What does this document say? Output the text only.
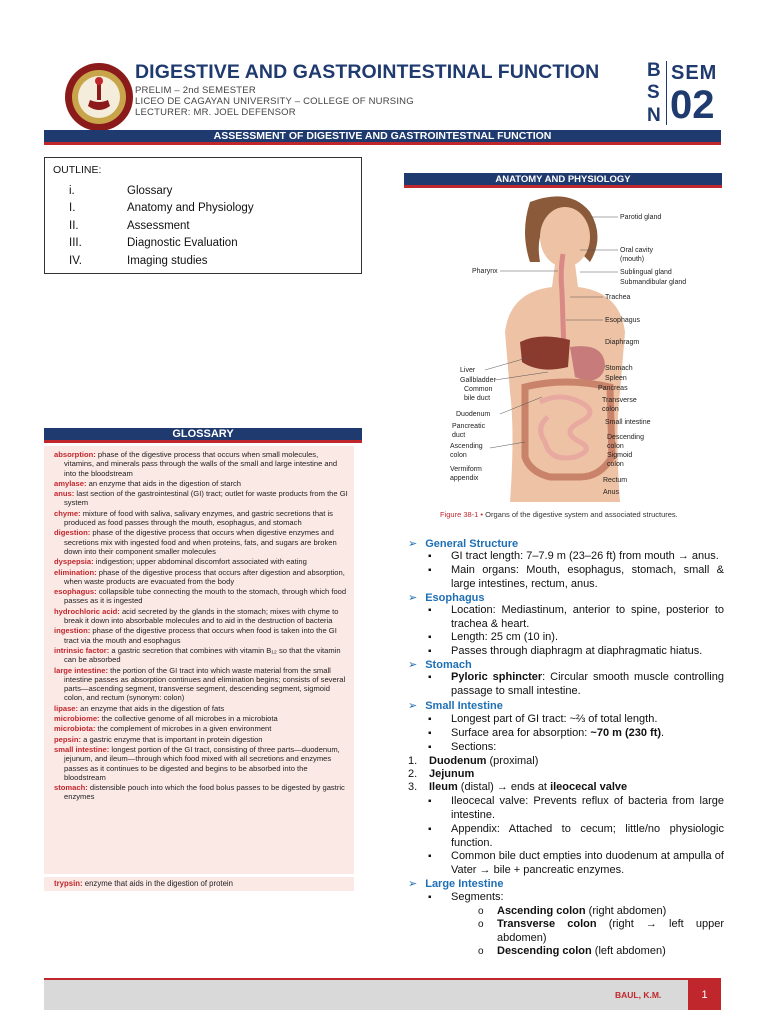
DIGESTIVE AND GASTROINTESTINAL FUNCTION
PRELIM – 2nd SEMESTER
LICEO DE CAGAYAN UNIVERSITY – COLLEGE OF NURSING
LECTURER: MR. JOEL DEFENSOR
B
S
N
SEM
02
ASSESSMENT OF DIGESTIVE AND GASTROINTESTNAL FUNCTION
OUTLINE:
i.	Glossary
I.	Anatomy and Physiology
II.	Assessment
III.	Diagnostic Evaluation
IV.	Imaging studies
GLOSSARY
absorption: phase of the digestive process that occurs when small molecules, vitamins, and minerals pass through the walls of the small and large intestine and into the bloodstream
amylase: an enzyme that aids in the digestion of starch
anus: last section of the gastrointestinal (GI) tract; outlet for waste products from the GI system
chyme: mixture of food with saliva, salivary enzymes, and gastric secretions that is produced as food passes through the mouth, esophagus, and stomach
digestion: phase of the digestive process that occurs when digestive enzymes and secretions mix with ingested food and when proteins, fats, and sugars are broken down into their component smaller molecules
dyspepsia: indigestion; upper abdominal discomfort associated with eating
elimination: phase of the digestive process that occurs after digestion and absorption, when waste products are evacuated from the body
esophagus: collapsible tube connecting the mouth to the stomach, through which food passes as it is ingested
hydrochloric acid: acid secreted by the glands in the stomach; mixes with chyme to break it down into absorbable molecules and to aid in the destruction of bacteria
ingestion: phase of the digestive process that occurs when food is taken into the GI tract via the mouth and esophagus
intrinsic factor: a gastric secretion that combines with vitamin B₁₂ so that the vitamin can be absorbed
large intestine: the portion of the GI tract into which waste material from the small intestine passes as absorption continues and elimination begins; consists of several parts—ascending segment, transverse segment, descending segment, sigmoid colon, and rectum (synonym: colon)
lipase: an enzyme that aids in the digestion of fats
microbiome: the collective genome of all microbes in a microbiota
microbiota: the complement of microbes in a given environment
pepsin: a gastric enzyme that is important in protein digestion
small intestine: longest portion of the GI tract, consisting of three parts—duodenum, jejunum, and ileum—through which food mixed with all secretions and enzymes passes as it continues to be digested and begins to be absorbed into the bloodstream
stomach: distensible pouch into which the food bolus passes to be digested by gastric enzymes
trypsin: enzyme that aids in the digestion of protein
ANATOMY AND PHYSIOLOGY
Parotid gland
Oral cavity
(mouth)
Sublingual gland
Submandibular gland
Trachea
Esophagus
Diaphragm
Stomach
Spleen
Pancreas
Transverse
colon
Small intestine
Descending
colon
Sigmoid
colon
Rectum
Anus
Pharynx
Liver
Gallbladder
Common
bile duct
Duodenum
Pancreatic
duct
Ascending
colon
Vermiform
appendix
Figure 38-1 • Organs of the digestive system and associated structures.
➢ General Structure
▪ GI tract length: 7–7.9 m (23–26 ft) from mouth → anus.
▪ Main organs: Mouth, esophagus, stomach, small & large intestines, rectum, anus.
➢ Esophagus
▪ Location: Mediastinum, anterior to spine, posterior to trachea & heart.
▪ Length: 25 cm (10 in).
▪ Passes through diaphragm at diaphragmatic hiatus.
➢ Stomach
▪ Pyloric sphincter: Circular smooth muscle controlling passage to small intestine.
➢ Small Intestine
▪ Longest part of GI tract: ~⅔ of total length.
▪ Surface area for absorption: ~70 m (230 ft).
▪ Sections:
1. Duodenum (proximal)
2. Jejunum
3. Ileum (distal) → ends at ileocecal valve
▪ Ileocecal valve: Prevents reflux of bacteria from large intestine.
▪ Appendix: Attached to cecum; little/no physiologic function.
▪ Common bile duct empties into duodenum at ampulla of Vater → bile + pancreatic enzymes.
➢ Large Intestine
▪ Segments:
o Ascending colon (right abdomen)
o Transverse colon (right → left upper abdomen)
o Descending colon (left abdomen)
BAUL, K.M.	1
